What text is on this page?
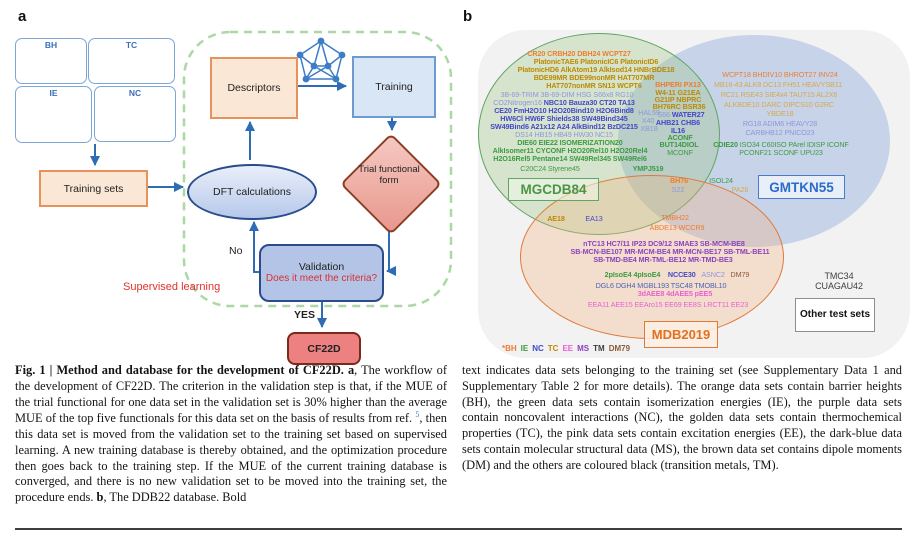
a
BH	TC
IE	NC
Training sets
Descriptors	Training
Trial functional form
DFT calculations
Validation
Does it meet the criteria?
CF22D
No
YES
Supervised learning
b
MGCDB84	GMTKN55
MDB2019
Other test sets
CR20 CRBH20 DBH24 WCPT27
PlatonicTAE6 PlatonicIC6 PlatonicID6
PlatonicHD6 AlkAtom19 AlkIsod14 HNBrBDE18
BDE99MR BDE99nonMR HAT707MR
HAT707nonMR SN13 WCPT6
3B-69-TRIM 3B-69-DIM HSG S66x8 RG10
CO2Nitrogen16 NBC10 Bauza30 CT20 TA13
CE20 FmH2O10 H2O20Bind10 H2O6Bind8
HW6Cl HW6F Shields38 SW49Bind345
SW49Bind6 A21x12 A24 AlkBind12 BzDC215
DS14 HB15 HB49 HW30 NC15
DIE60 EIE22 ISOMERIZATION20
AlkIsomer11 CYCONF H2O20Rel10 H2O20Rel4
H2O16Rel5 Pentane14 SW49Rel345 SW49Rel6
C20C24 Styrene45
BHPERI PX13
W4-11 G21EA
G21IP NBPRC
BH76RC BSR36
S66 WATER27
AHB21 CHB6
IL16
ACONF
BUT14DIOL
MCONF
HAL59
X40
XB18
YMPJ519
BH76
S22
ISOL24
PA26
WCPT18 BHDIV10 BHROT27 INV24
MB16-43 ALK8 DC13 FH51 HEAVYSB11
RC21 RSE43 SIE4x4 TAUT15 AL2X6
ALKBDE10 DARC DIPCS10 G2RC
YBDE18
RG18 ADIM6 HEAVY28
CARBHB12 PNICO23
CDIE20 ISO34 C60ISO PArel IDISP ICONF
PCONF21 SCONF UPU23
AE18	EA13	TMBH22
ABDE13 WCCR9
nTC13 HC7/11 IP23 DC9/12 SMAE3 SB-MCM-BE8
SB-MCN-BE107 MR-MCM-BE4 MR-MCN-BE17 SB-TML-BE11
SB-TMD-BE4 MR-TML-BE12 MR-TMD-BE3
2pIsoE4 4pIsoE4 NCCE30 ASNC2 DM79
DGL6 DGH4 MGBL193 TSC48 TMOBL10
3dAEE8 4dAEE5 pEE5
EEA11 AEE15 EEAro15 EE69 EE8S LRCT11 EE23
TMC34
CUAGAU42
*BH IE NC TC EE MS TM DM79
Fig. 1 | Method and database for the development of CF22D. a, The workflow of the development of CF22D. The criterion in the validation step is that, if the MUE of the trial functional for one data set in the validation set is 30% higher than the average MUE of the top five functionals for this data set on the basis of results from ref. $^5$, then this data set is moved from the validation set to the training set based on supervised learning. A new training database is thereby obtained, and the optimization procedure then goes back to the training step. If the MUE of the current training database is converged, and there is no new validation set to be moved into the training set, the procedure ends. b, The DDB22 database. Bold
text indicates data sets belonging to the training set (see Supplementary Data 1 and Supplementary Table 2 for more details). The orange data sets contain barrier heights (BH), the green data sets contain isomerization energies (IE), the purple data sets contain noncovalent interactions (NC), the golden data sets contain thermochemical properties (TC), the pink data sets contain excitation energies (EE), the dark-blue data sets contain molecular structural data (MS), the brown data set contains dipole moments (DM) and the others are coloured black (transition metals, TM).
